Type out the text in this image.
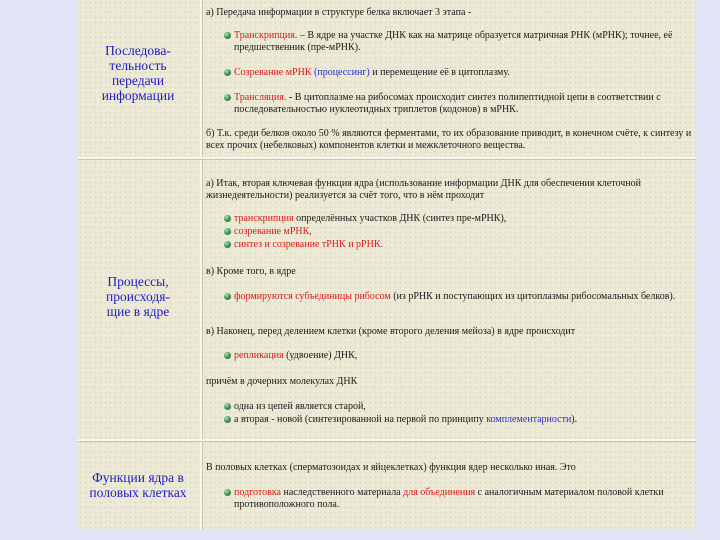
Последова-
тельность
передачи
информации

а) Передача информации в структуре белка включает 3 этапа -

Транскрипция. – В ядре на участке ДНК как на матрице образуется матричная РНК (мРНК); точнее, её предшественник (пре-мРНК).

Созревание мРНК (процессинг) и перемещение её в цитоплазму.

Трансляция. - В цитоплазме на рибосомах происходит синтез полипептидной цепи в соответствии с последовательностью нуклеотидных триплетов (кодонов) в мРНК.

б) Т.к. среди белков около 50 % являются ферментами, то их образование приводит, в конечном счёте, к синтезу и всех прочих (небелковых) компонентов клетки и межклеточного вещества.

Процессы,
происходя-
щие в ядре

а) Итак, вторая ключевая функция ядра (использование информации ДНК для обеспечения клеточной жизнедеятельности) реализуется за счёт того, что в нём проходят

транскрипция определённых участков ДНК (синтез пре-мРНК),

созревание мРНК,

синтез и созревание тРНК и рРНК.

в) Кроме того, в ядре

формируются субъединицы рибосом (из рРНК и поступающих из цитоплазмы рибосомальных белков).

в) Наконец, перед делением клетки (кроме второго деления мейоза) в ядре происходит

репликация (удвоение) ДНК,

причём в дочерних молекулах ДНК

одна из цепей является старой,

а вторая - новой (синтезированной на первой по принципу комплементарности).

Функции ядра в
половых клетках

В половых клетках (сперматозоидах и яйцеклетках) функция ядер несколько иная. Это

подготовка наследственного материала для объединения с аналогичным материалом половой клетки противоположного пола.
